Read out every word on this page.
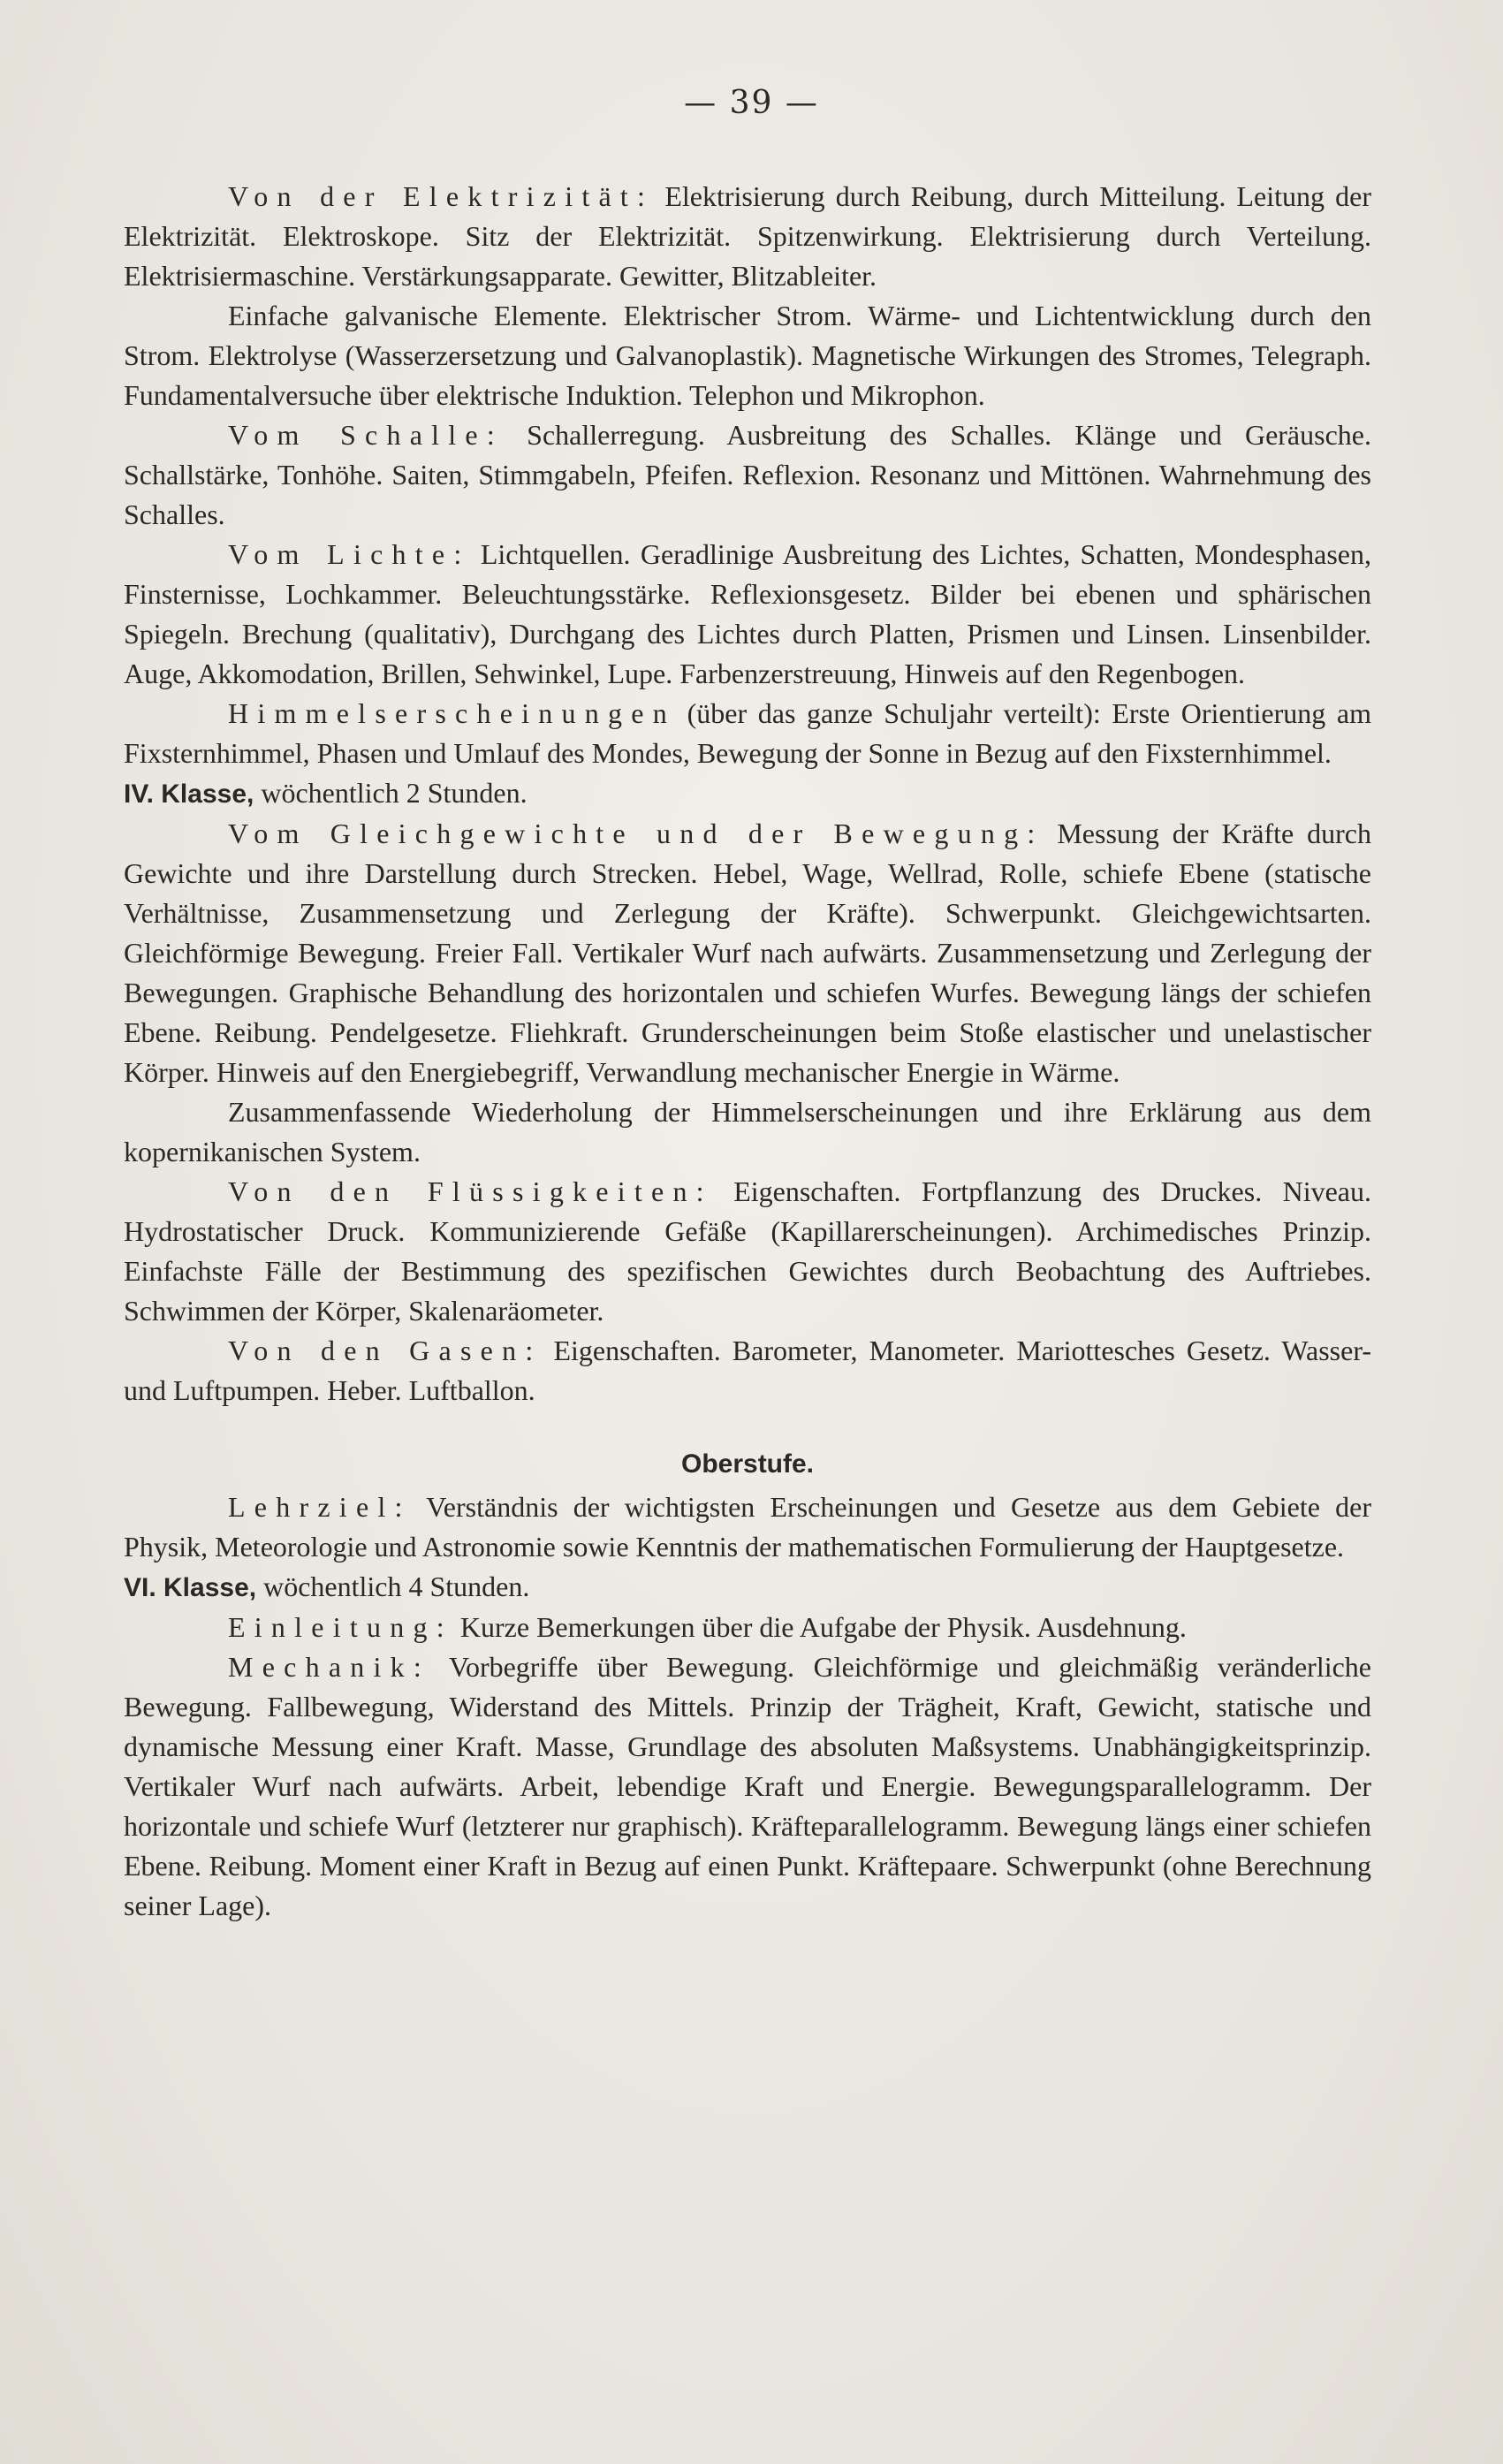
— 39 —

Von der Elektrizität: Elektrisierung durch Reibung, durch Mitteilung. Leitung der Elektrizität. Elektroskope. Sitz der Elektrizität. Spitzenwirkung. Elektrisierung durch Verteilung. Elektrisiermaschine. Verstärkungsapparate. Gewitter, Blitzableiter.

Einfache galvanische Elemente. Elektrischer Strom. Wärme- und Lichtentwicklung durch den Strom. Elektrolyse (Wasserzersetzung und Galvanoplastik). Magnetische Wirkungen des Stromes, Telegraph. Fundamentalversuche über elektrische Induktion. Telephon und Mikrophon.

Vom Schalle: Schallerregung. Ausbreitung des Schalles. Klänge und Geräusche. Schallstärke, Tonhöhe. Saiten, Stimmgabeln, Pfeifen. Reflexion. Resonanz und Mittönen. Wahrnehmung des Schalles.

Vom Lichte: Lichtquellen. Geradlinige Ausbreitung des Lichtes, Schatten, Mondesphasen, Finsternisse, Lochkammer. Beleuchtungsstärke. Reflexionsgesetz. Bilder bei ebenen und sphärischen Spiegeln. Brechung (qualitativ), Durchgang des Lichtes durch Platten, Prismen und Linsen. Linsenbilder. Auge, Akkomodation, Brillen, Sehwinkel, Lupe. Farbenzerstreuung, Hinweis auf den Regenbogen.

Himmelserscheinungen (über das ganze Schuljahr verteilt): Erste Orientierung am Fixsternhimmel, Phasen und Umlauf des Mondes, Bewegung der Sonne in Bezug auf den Fixsternhimmel.

IV. Klasse, wöchentlich 2 Stunden.

Vom Gleichgewichte und der Bewegung: Messung der Kräfte durch Gewichte und ihre Darstellung durch Strecken. Hebel, Wage, Wellrad, Rolle, schiefe Ebene (statische Verhältnisse, Zusammensetzung und Zerlegung der Kräfte). Schwerpunkt. Gleichgewichtsarten. Gleichförmige Bewegung. Freier Fall. Vertikaler Wurf nach aufwärts. Zusammensetzung und Zerlegung der Bewegungen. Graphische Behandlung des horizontalen und schiefen Wurfes. Bewegung längs der schiefen Ebene. Reibung. Pendelgesetze. Fliehkraft. Grunderscheinungen beim Stoße elastischer und unelastischer Körper. Hinweis auf den Energiebegriff, Verwandlung mechanischer Energie in Wärme.

Zusammenfassende Wiederholung der Himmelserscheinungen und ihre Erklärung aus dem kopernikanischen System.

Von den Flüssigkeiten: Eigenschaften. Fortpflanzung des Druckes. Niveau. Hydrostatischer Druck. Kommunizierende Gefäße (Kapillarerscheinungen). Archimedisches Prinzip. Einfachste Fälle der Bestimmung des spezifischen Gewichtes durch Beobachtung des Auftriebes. Schwimmen der Körper, Skalenaräometer.

Von den Gasen: Eigenschaften. Barometer, Manometer. Mariottesches Gesetz. Wasser- und Luftpumpen. Heber. Luftballon.

Oberstufe.

Lehrziel: Verständnis der wichtigsten Erscheinungen und Gesetze aus dem Gebiete der Physik, Meteorologie und Astronomie sowie Kenntnis der mathematischen Formulierung der Hauptgesetze.

VI. Klasse, wöchentlich 4 Stunden.

Einleitung: Kurze Bemerkungen über die Aufgabe der Physik. Ausdehnung.

Mechanik: Vorbegriffe über Bewegung. Gleichförmige und gleichmäßig veränderliche Bewegung. Fallbewegung, Widerstand des Mittels. Prinzip der Trägheit, Kraft, Gewicht, statische und dynamische Messung einer Kraft. Masse, Grundlage des absoluten Maßsystems. Unabhängigkeitsprinzip. Vertikaler Wurf nach aufwärts. Arbeit, lebendige Kraft und Energie. Bewegungsparallelogramm. Der horizontale und schiefe Wurf (letzterer nur graphisch). Kräfteparallelogramm. Bewegung längs einer schiefen Ebene. Reibung. Moment einer Kraft in Bezug auf einen Punkt. Kräftepaare. Schwerpunkt (ohne Berechnung seiner Lage).
